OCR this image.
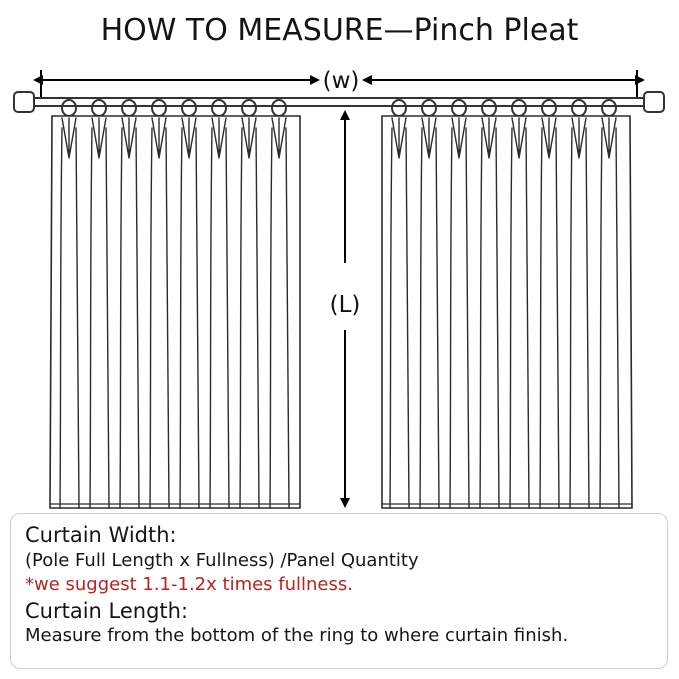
HOW TO MEASURE—Pinch Pleat
(w)
(L)
Curtain Width:
(Pole Full Length x Fullness) /Panel Quantity
*we suggest 1.1-1.2x times fullness.
Curtain Length:
Measure from the bottom of the ring to where curtain finish.
